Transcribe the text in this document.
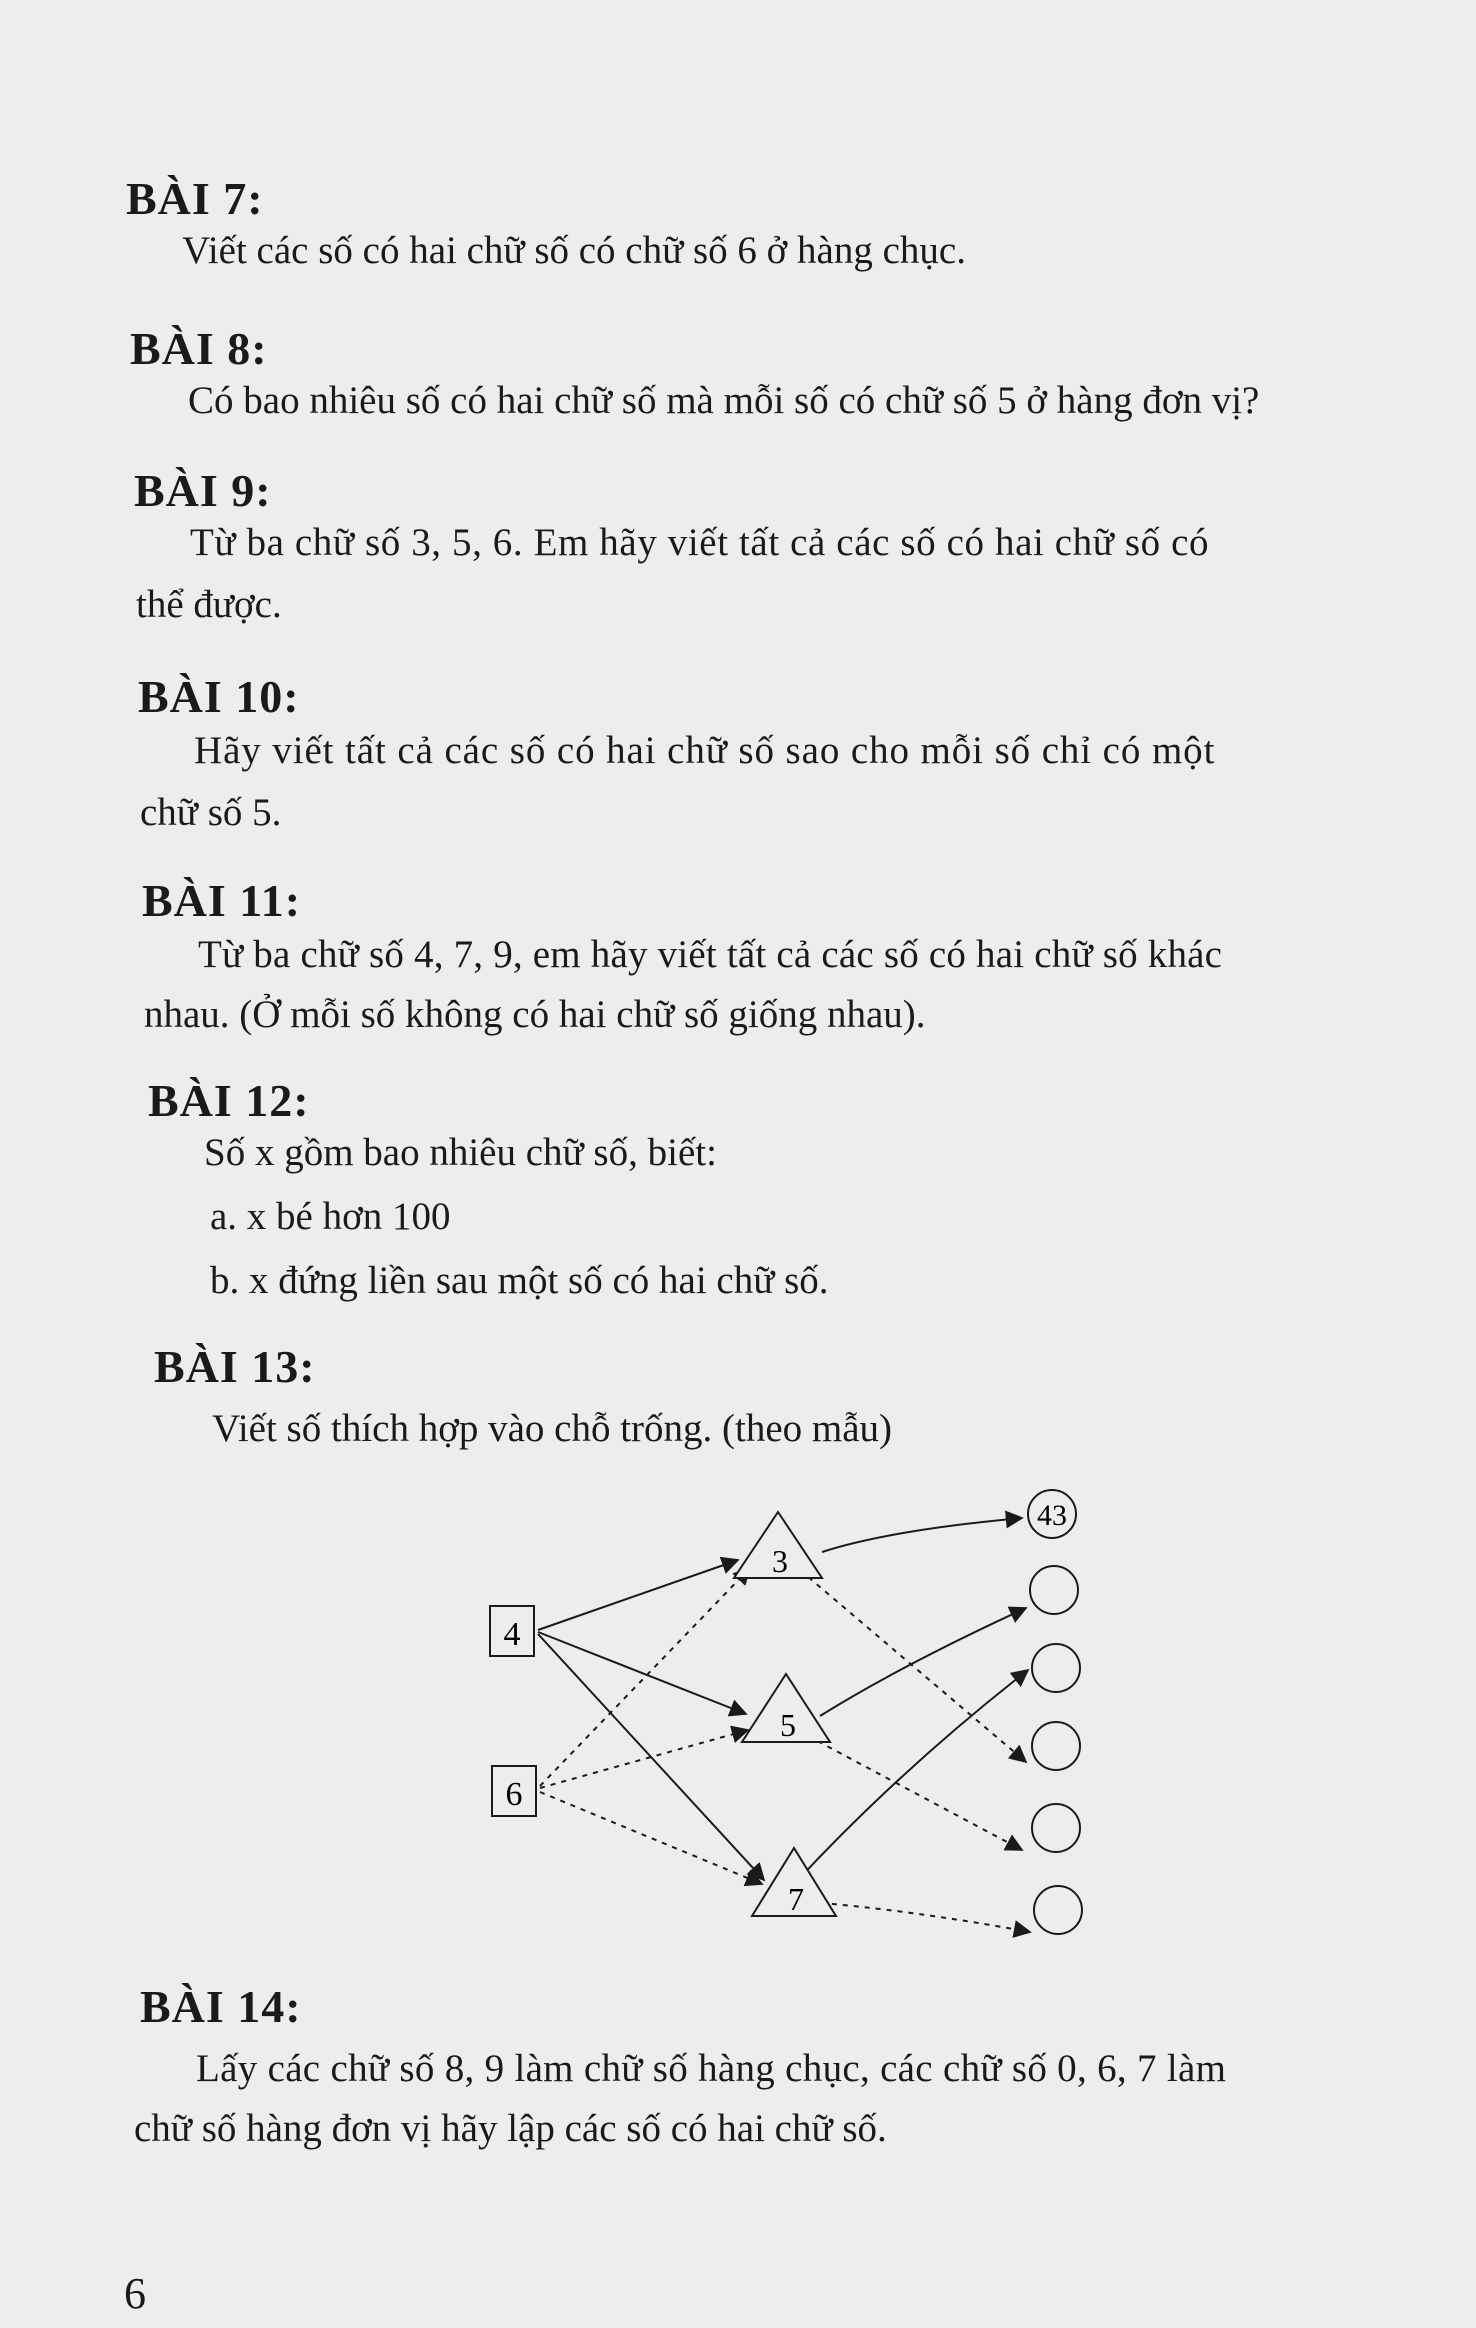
BÀI 7:
Viết các số có hai chữ số có chữ số 6 ở hàng chục.
BÀI 8:
Có bao nhiêu số có hai chữ số mà mỗi số có chữ số 5 ở hàng đơn vị?
BÀI 9:
Từ ba chữ số 3, 5, 6. Em hãy viết tất cả các số có hai chữ số có
thể được.
BÀI 10:
Hãy viết tất cả các số có hai chữ số sao cho mỗi số chỉ có một
chữ số 5.
BÀI 11:
Từ ba chữ số 4, 7, 9, em hãy viết tất cả các số có hai chữ số khác
nhau. (Ở mỗi số không có hai chữ số giống nhau).
BÀI 12:
Số x gồm bao nhiêu chữ số, biết:
a. x bé hơn 100
b. x đứng liền sau một số có hai chữ số.
BÀI 13:
Viết số thích hợp vào chỗ trống. (theo mẫu)
4
6
3
5
7
43
BÀI 14:
Lấy các chữ số 8, 9 làm chữ số hàng chục, các chữ số 0, 6, 7 làm
chữ số hàng đơn vị hãy lập các số có hai chữ số.
6
